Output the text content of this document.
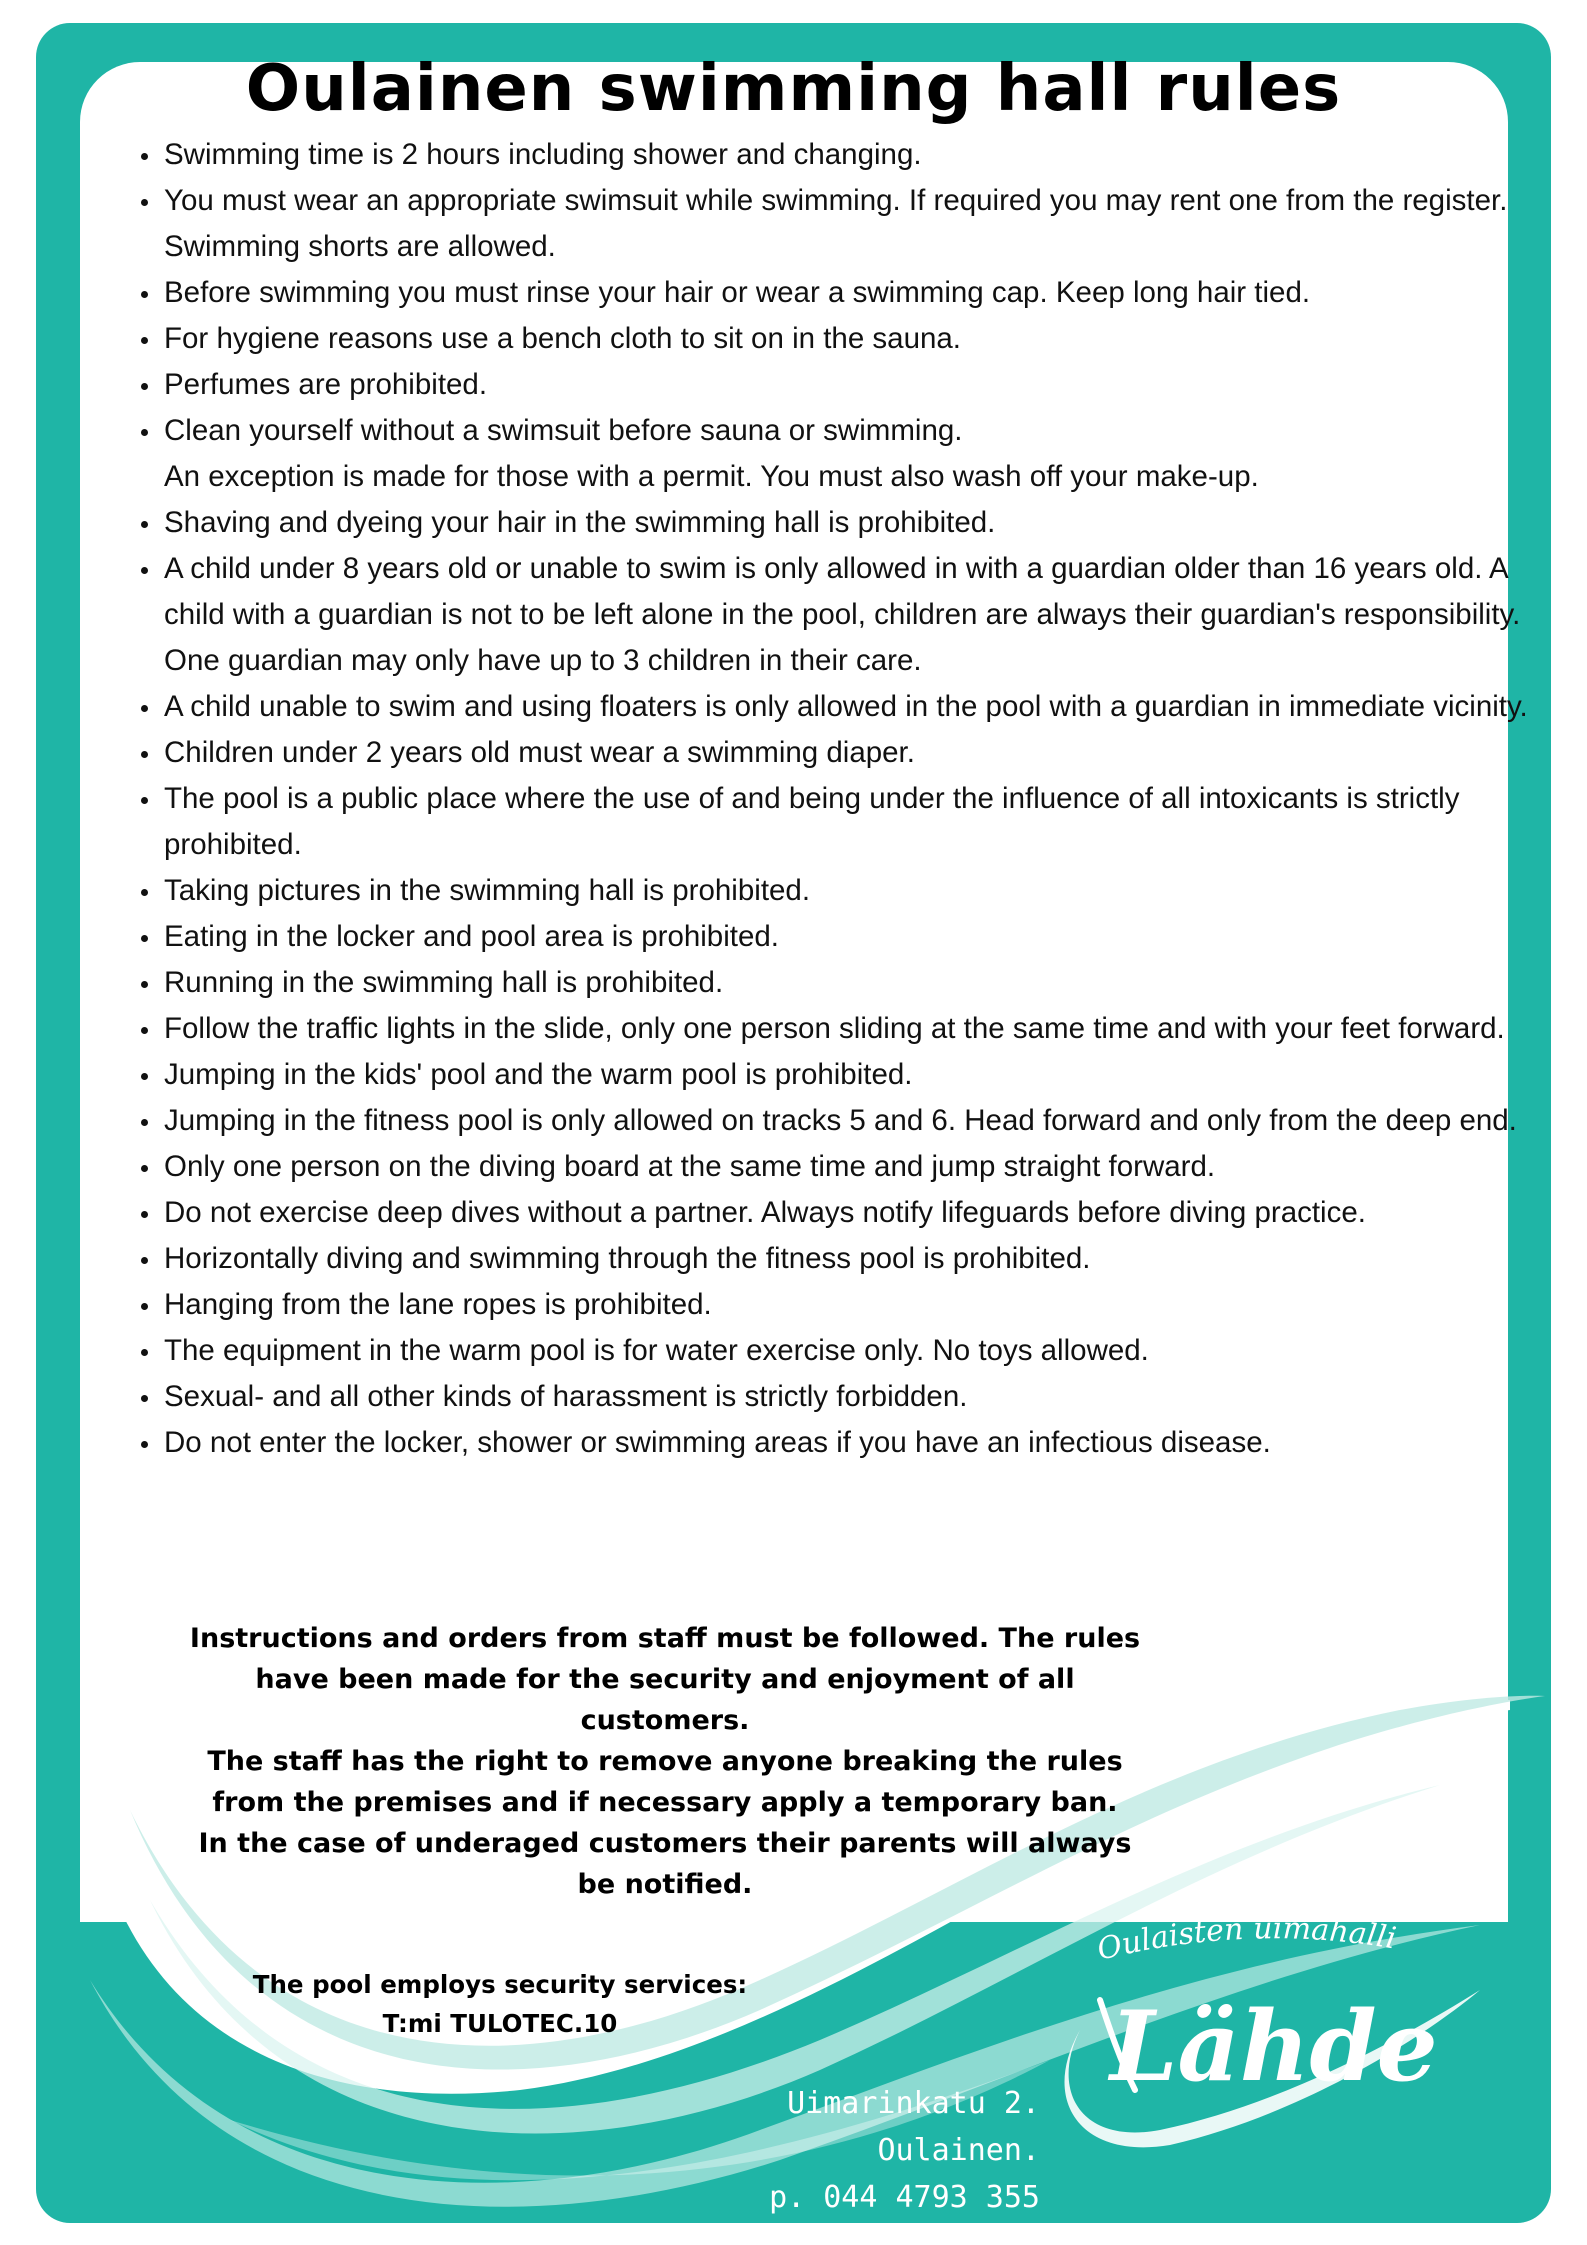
Oulainen swimming hall rules
• Swimming time is 2 hours including shower and changing.
• You must wear an appropriate swimsuit while swimming. If required you may rent one from the register. Swimming shorts are allowed.
• Before swimming you must rinse your hair or wear a swimming cap. Keep long hair tied.
• For hygiene reasons use a bench cloth to sit on in the sauna.
• Perfumes are prohibited.
• Clean yourself without a swimsuit before sauna or swimming.
An exception is made for those with a permit. You must also wash off your make-up.
• Shaving and dyeing your hair in the swimming hall is prohibited.
• A child under 8 years old or unable to swim is only allowed in with a guardian older than 16 years old. A child with a guardian is not to be left alone in the pool, children are always their guardian's responsibility. One guardian may only have up to 3 children in their care.
• A child unable to swim and using floaters is only allowed in the pool with a guardian in immediate vicinity.
• Children under 2 years old must wear a swimming diaper.
• The pool is a public place where the use of and being under the influence of all intoxicants is strictly prohibited.
• Taking pictures in the swimming hall is prohibited.
• Eating in the locker and pool area is prohibited.
• Running in the swimming hall is prohibited.
• Follow the traffic lights in the slide, only one person sliding at the same time and with your feet forward.
• Jumping in the kids' pool and the warm pool is prohibited.
• Jumping in the fitness pool is only allowed on tracks 5 and 6. Head forward and only from the deep end.
• Only one person on the diving board at the same time and jump straight forward.
• Do not exercise deep dives without a partner. Always notify lifeguards before diving practice.
• Horizontally diving and swimming through the fitness pool is prohibited.
• Hanging from the lane ropes is prohibited.
• The equipment in the warm pool is for water exercise only. No toys allowed.
• Sexual- and all other kinds of harassment is strictly forbidden.
• Do not enter the locker, shower or swimming areas if you have an infectious disease.

Instructions and orders from staff must be followed. The rules have been made for the security and enjoyment of all customers.

The staff has the right to remove anyone breaking the rules from the premises and if necessary apply a temporary ban.

In the case of underaged customers their parents will always be notified.

The pool employs security services:

T:mi TULOTEC.10

Uimarinkatu 2.

Oulainen.

p. 044 4793 355

Oulaisten uimahalli
Lähde
